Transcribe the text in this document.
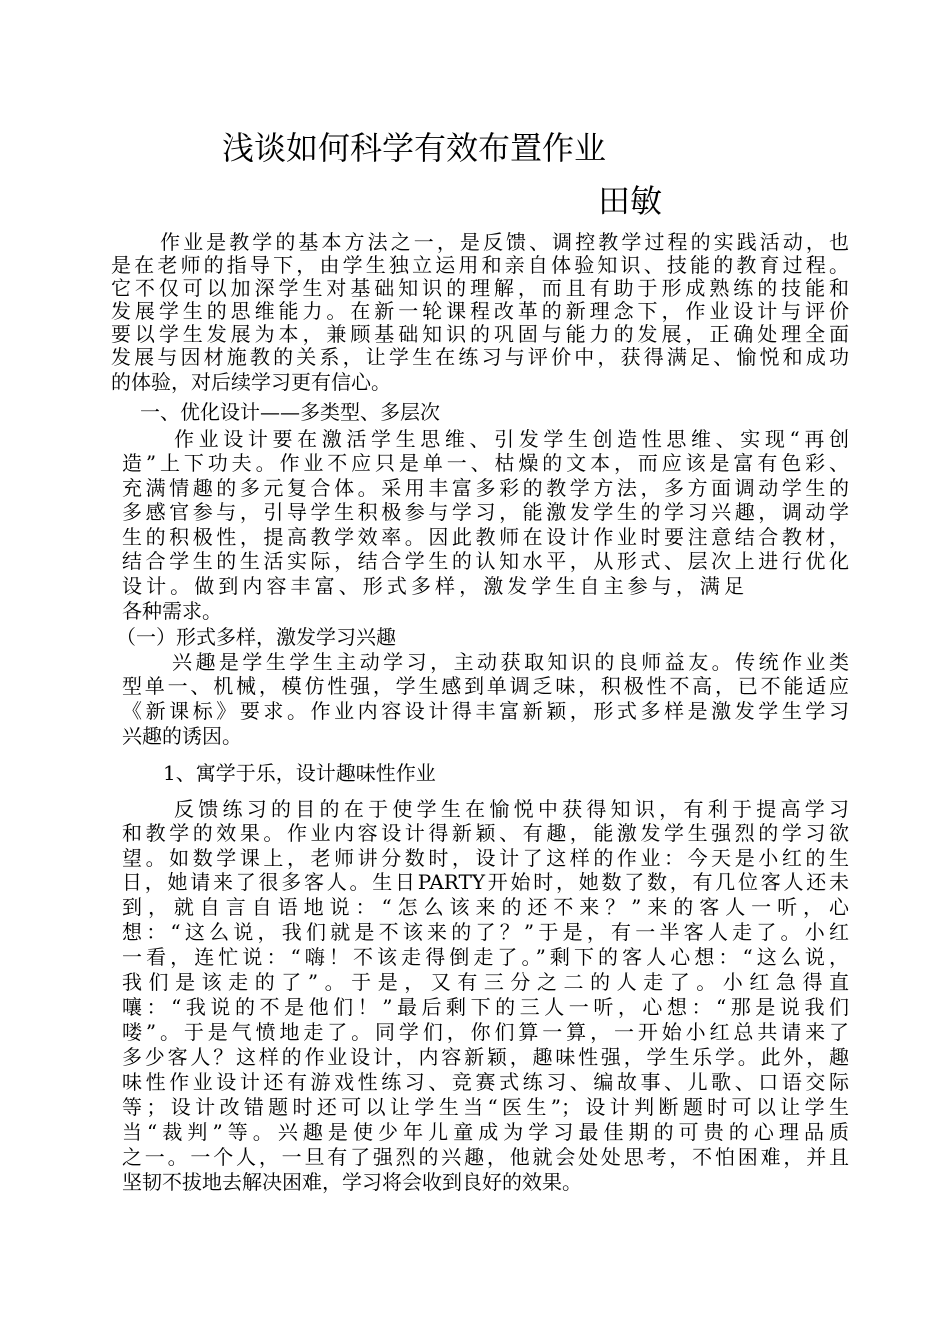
浅谈如何科学有效布置作业
田敏
作业是教学的基本方法之一，是反馈、调控教学过程的实践活动，也
是在老师的指导下，由学生独立运用和亲自体验知识、技能的教育过程。
它不仅可以加深学生对基础知识的理解，而且有助于形成熟练的技能和
发展学生的思维能力。在新一轮课程改革的新理念下，作业设计与评价
要以学生发展为本，兼顾基础知识的巩固与能力的发展，正确处理全面
发展与因材施教的关系，让学生在练习与评价中，获得满足、愉悦和成功
的体验，对后续学习更有信心。
一、优化设计——多类型、多层次
作业设计要在激活学生思维、引发学生创造性思维、实现“再创
造”上下功夫。作业不应只是单一、枯燥的文本，而应该是富有色彩、
充满情趣的多元复合体。采用丰富多彩的教学方法，多方面调动学生的
多感官参与，引导学生积极参与学习，能激发学生的学习兴趣，调动学
生的积极性，提高教学效率。因此教师在设计作业时要注意结合教材，
结合学生的生活实际，结合学生的认知水平，从形式、层次上进行优化
设计。做到内容丰富、形式多样，激发学生自主参与，满足
各种需求。
（一）形式多样，激发学习兴趣
兴趣是学生学生主动学习，主动获取知识的良师益友。传统作业类
型单一、机械，模仿性强，学生感到单调乏味，积极性不高，已不能适应
《新课标》要求。作业内容设计得丰富新颖，形式多样是激发学生学习
兴趣的诱因。
1、寓学于乐，设计趣味性作业
反馈练习的目的在于使学生在愉悦中获得知识，有利于提高学习
和教学的效果。作业内容设计得新颖、有趣，能激发学生强烈的学习欲
望。如数学课上，老师讲分数时，设计了这样的作业：今天是小红的生
日，她请来了很多客人。生日PARTY开始时，她数了数，有几位客人还未
到，就自言自语地说：“怎么该来的还不来？”来的客人一听，心
想：“这么说，我们就是不该来的了？”于是，有一半客人走了。小红
一看，连忙说：“嗨！不该走得倒走了。”剩下的客人心想：“这么说，
我们是该走的了”。于是，又有三分之二的人走了。小红急得直
嚷：“我说的不是他们！”最后剩下的三人一听，心想：“那是说我们
喽”。于是气愤地走了。同学们，你们算一算，一开始小红总共请来了
多少客人？这样的作业设计，内容新颖，趣味性强，学生乐学。此外，趣
味性作业设计还有游戏性练习、竞赛式练习、编故事、儿歌、口语交际
等；设计改错题时还可以让学生当“医生”；设计判断题时可以让学生
当“裁判”等。兴趣是使少年儿童成为学习最佳期的可贵的心理品质
之一。一个人，一旦有了强烈的兴趣，他就会处处思考，不怕困难，并且
坚韧不拔地去解决困难，学习将会收到良好的效果。
